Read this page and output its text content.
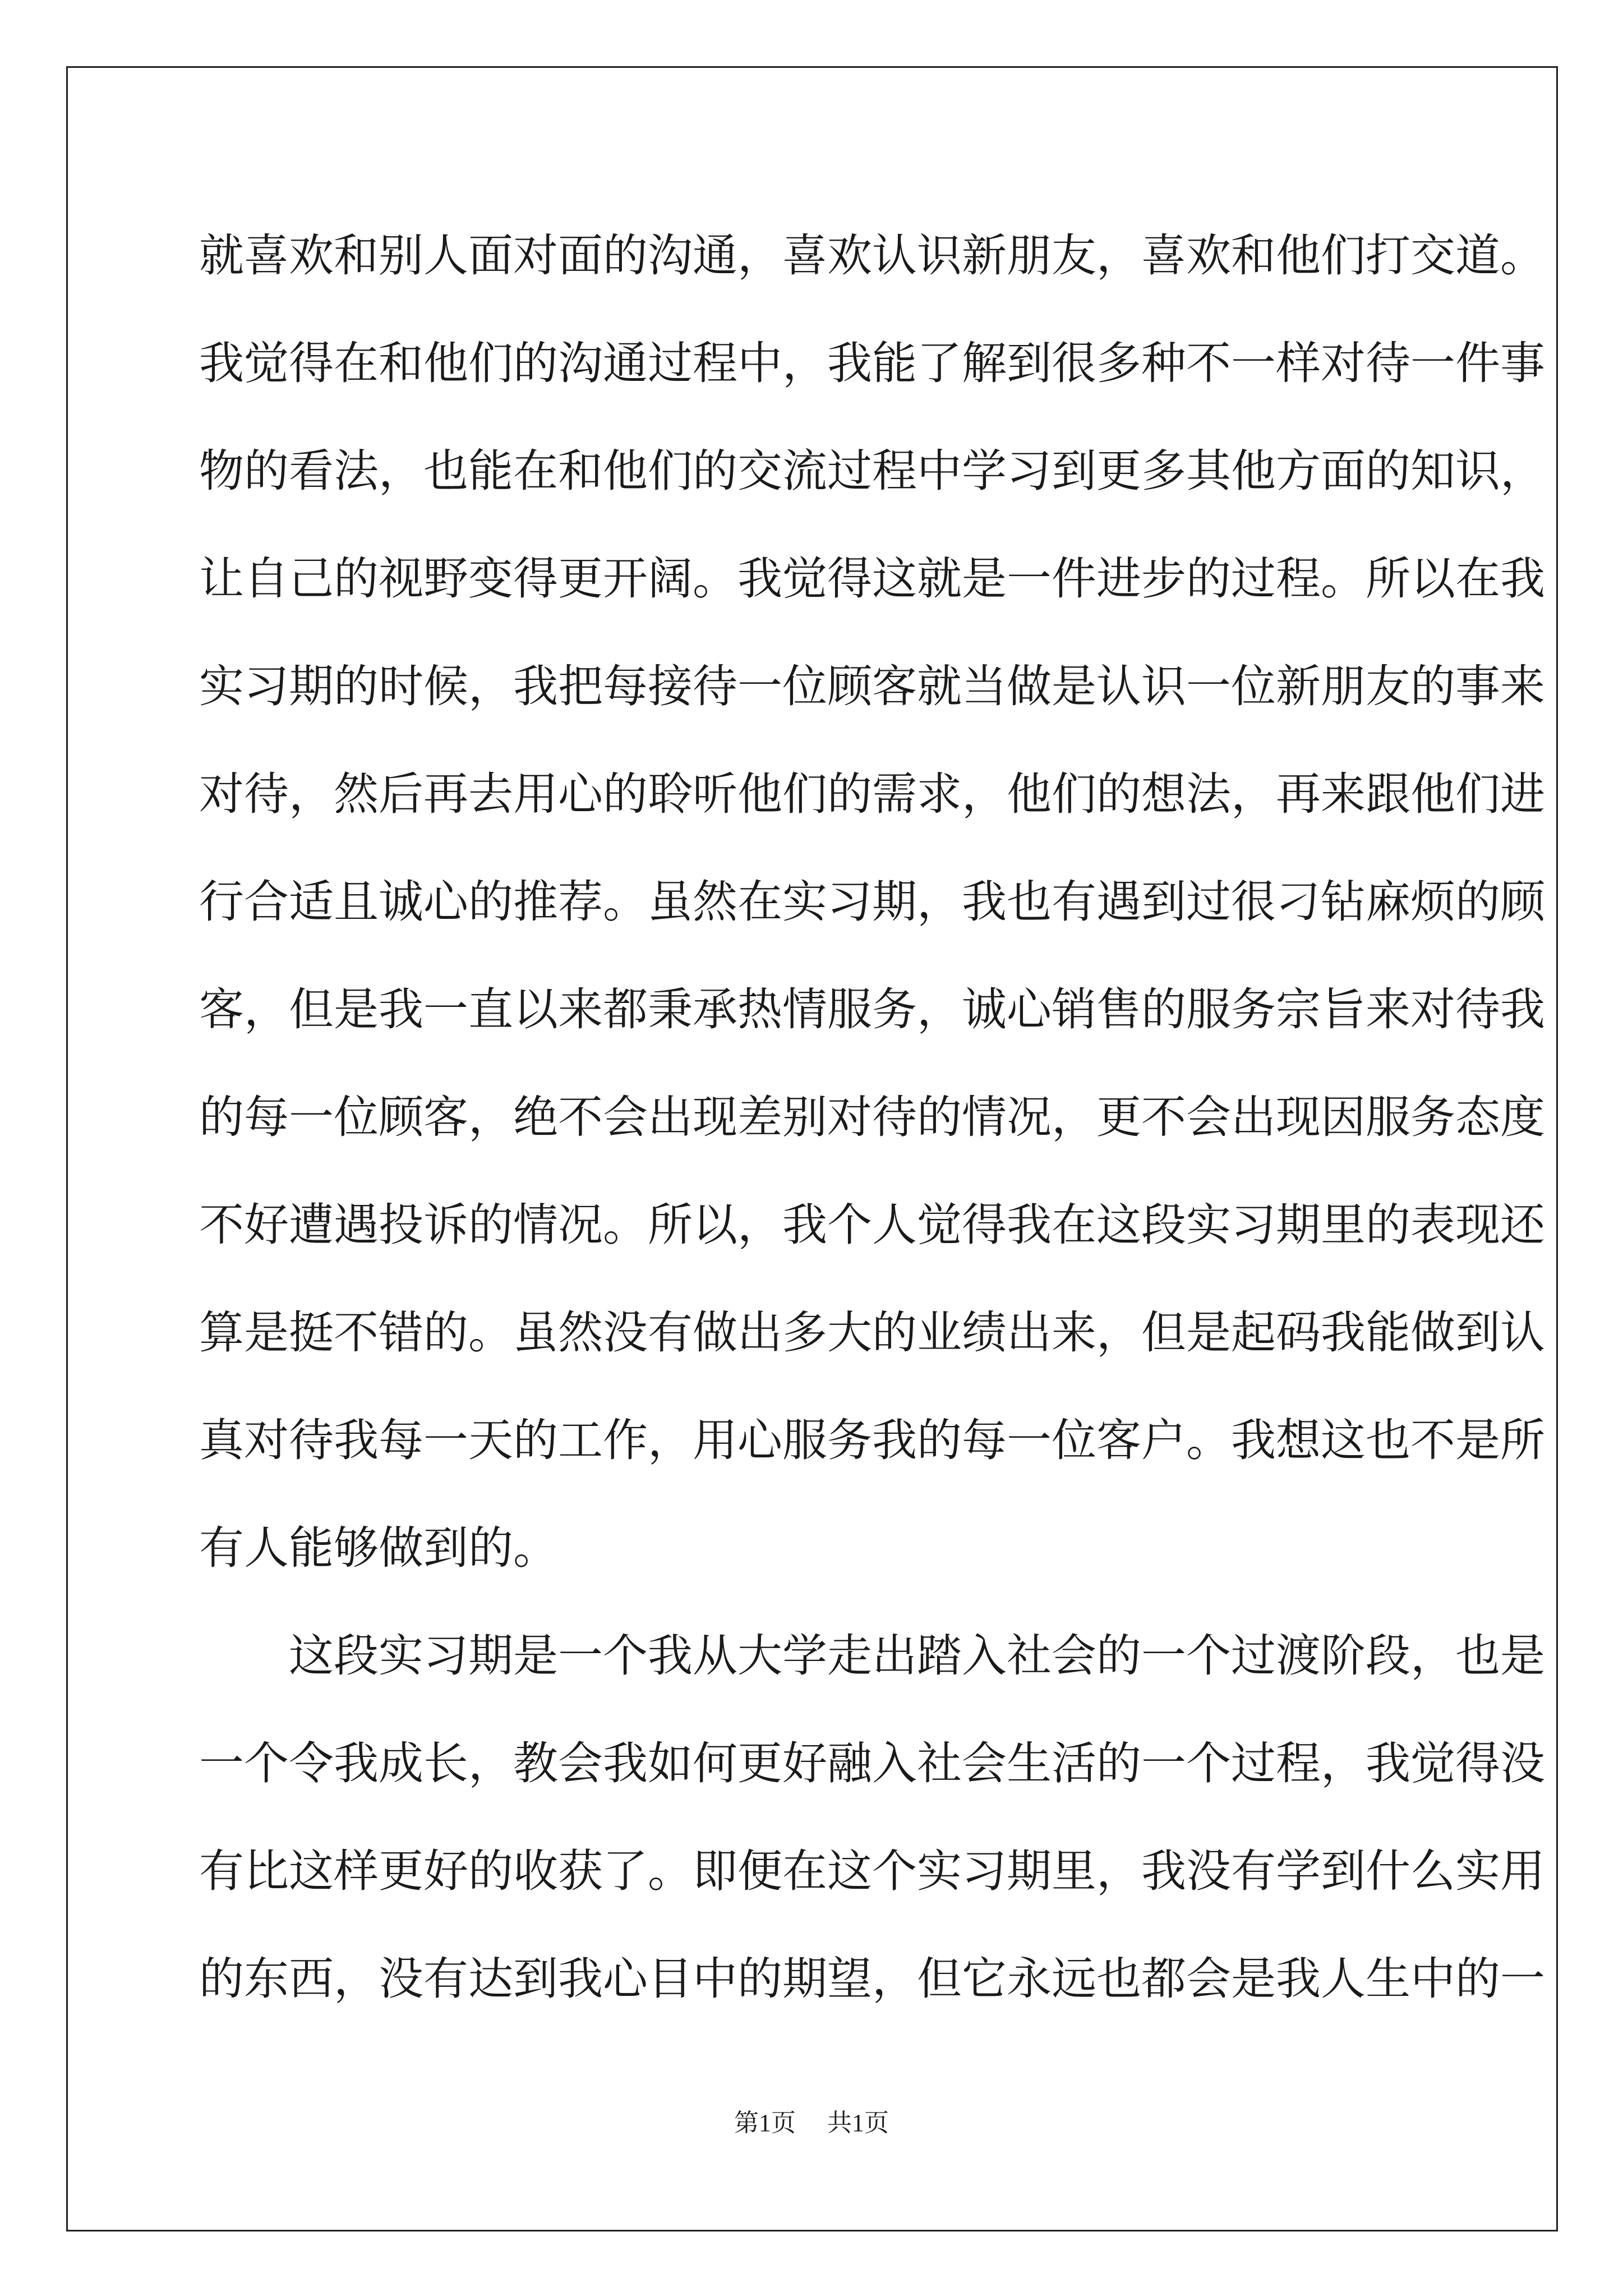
就喜欢和别人面对面的沟通，喜欢认识新朋友，喜欢和他们打交道。
我觉得在和他们的沟通过程中，我能了解到很多种不一样对待一件事
物的看法，也能在和他们的交流过程中学习到更多其他方面的知识，
让自己的视野变得更开阔。我觉得这就是一件进步的过程。所以在我
实习期的时候，我把每接待一位顾客就当做是认识一位新朋友的事来
对待，然后再去用心的聆听他们的需求，他们的想法，再来跟他们进
行合适且诚心的推荐。虽然在实习期，我也有遇到过很刁钻麻烦的顾
客，但是我一直以来都秉承热情服务，诚心销售的服务宗旨来对待我
的每一位顾客，绝不会出现差别对待的情况，更不会出现因服务态度
不好遭遇投诉的情况。所以，我个人觉得我在这段实习期里的表现还
算是挺不错的。虽然没有做出多大的业绩出来，但是起码我能做到认
真对待我每一天的工作，用心服务我的每一位客户。我想这也不是所
有人能够做到的。
这段实习期是一个我从大学走出踏入社会的一个过渡阶段，也是
一个令我成长，教会我如何更好融入社会生活的一个过程，我觉得没
有比这样更好的收获了。即便在这个实习期里，我没有学到什么实用
的东西，没有达到我心目中的期望，但它永远也都会是我人生中的一
第1页 共1页
